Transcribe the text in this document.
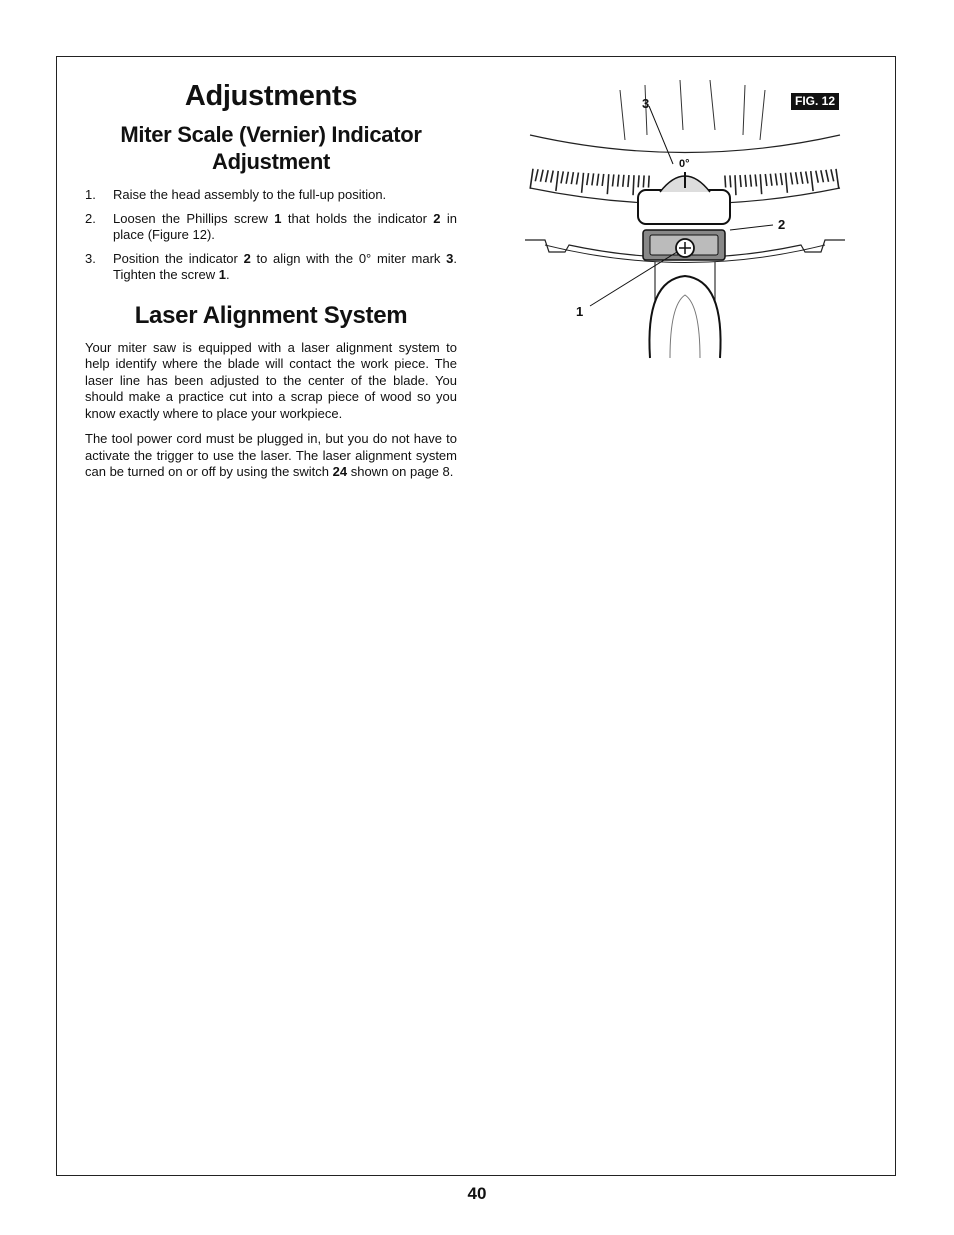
Adjustments
Miter Scale (Vernier) Indicator Adjustment
1. Raise the head assembly to the full-up position.
2. Loosen the Phillips screw 1 that holds the indicator 2 in place (Figure 12).
3. Position the indicator 2 to align with the 0° miter mark 3. Tighten the screw 1.
Laser Alignment System

Your miter saw is equipped with a laser alignment system to help identify where the blade will contact the work piece. The laser line has been adjusted to the center of the blade. You should make a practice cut into a scrap piece of wood so you know exactly where to place your workpiece.

The tool power cord must be plugged in, but you do not have to activate the trigger to use the laser. The laser alignment system can be turned on or off by using the switch 24 shown on page 8.

0°
FIG. 12
3
2
1
40
